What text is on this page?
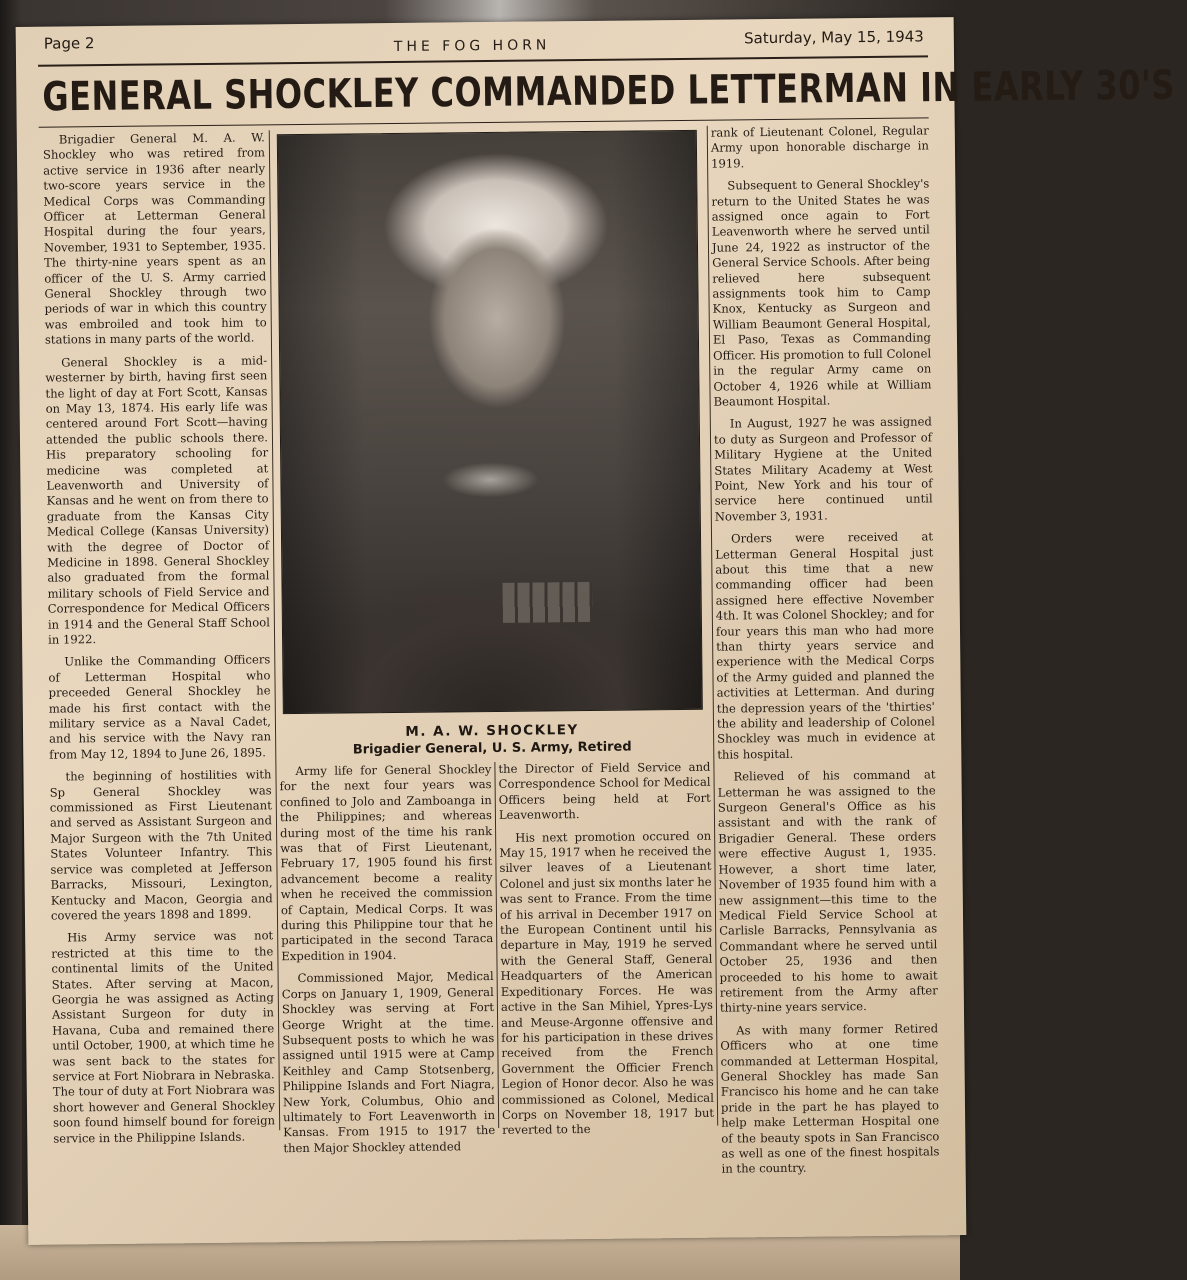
Page 2	THE FOG HORN	Saturday, May 15, 1943
GENERAL SHOCKLEY COMMANDED LETTERMAN IN EARLY 30'S

Brigadier General M. A. W. Shockley who was retired from active service in 1936 after nearly two-score years service in the Medical Corps was Commanding Officer at Letterman General Hospital during the four years, November, 1931 to September, 1935. The thirty-nine years spent as an officer of the U. S. Army carried General Shockley through two periods of war in which this country was embroiled and took him to stations in many parts of the world.

General Shockley is a mid-westerner by birth, having first seen the light of day at Fort Scott, Kansas on May 13, 1874. His early life was centered around Fort Scott—having attended the public schools there. His preparatory schooling for medicine was completed at Leavenworth and University of Kansas and he went on from there to graduate from the Kansas City Medical College (Kansas University) with the degree of Doctor of Medicine in 1898. General Shockley also graduated from the formal military schools of Field Service and Correspondence for Medical Officers in 1914 and the General Staff School in 1922.

Unlike the Commanding Officers of Letterman Hospital who preceeded General Shockley he made his first contact with the military service as a Naval Cadet, and his service with the Navy ran from May 12, 1894 to June 26, 1895.

the beginning of hostilities with Sp General Shockley was commissioned as First Lieutenant and served as Assistant Surgeon and Major Surgeon with the 7th United States Volunteer Infantry. This service was completed at Jefferson Barracks, Missouri, Lexington, Kentucky and Macon, Georgia and covered the years 1898 and 1899.

His Army service was not restricted at this time to the continental limits of the United States. After serving at Macon, Georgia he was assigned as Acting Assistant Surgeon for duty in Havana, Cuba and remained there until October, 1900, at which time he was sent back to the states for service at Fort Niobrara in Nebraska. The tour of duty at Fort Niobrara was short however and General Shockley soon found himself bound for foreign service in the Philippine Islands.

M. A. W. SHOCKLEY
Brigadier General, U. S. Army, Retired

Army life for General Shockley for the next four years was confined to Jolo and Zamboanga in the Philippines; and whereas during most of the time his rank was that of First Lieutenant, February 17, 1905 found his first advancement become a reality when he received the commission of Captain, Medical Corps. It was during this Philippine tour that he participated in the second Taraca Expedition in 1904.

Commissioned Major, Medical Corps on January 1, 1909, General Shockley was serving at Fort George Wright at the time. Subsequent posts to which he was assigned until 1915 were at Camp Keithley and Camp Stotsenberg, Philippine Islands and Fort Niagra, New York, Columbus, Ohio and ultimately to Fort Leavenworth in Kansas. From 1915 to 1917 the then Major Shockley attended

the Director of Field Service and Correspondence School for Medical Officers being held at Fort Leavenworth.

His next promotion occured on May 15, 1917 when he received the silver leaves of a Lieutenant Colonel and just six months later he was sent to France. From the time of his arrival in December 1917 on the European Continent until his departure in May, 1919 he served with the General Staff, General Headquarters of the American Expeditionary Forces. He was active in the San Mihiel, Ypres-Lys and Meuse-Argonne offensive and for his participation in these drives received from the French Government the Officier French Legion of Honor decor. Also he was commissioned as Colonel, Medical Corps on November 18, 1917 but reverted to the

rank of Lieutenant Colonel, Regular Army upon honorable discharge in 1919.

Subsequent to General Shockley's return to the United States he was assigned once again to Fort Leavenworth where he served until June 24, 1922 as instructor of the General Service Schools. After being relieved here subsequent assignments took him to Camp Knox, Kentucky as Surgeon and William Beaumont General Hospital, El Paso, Texas as Commanding Officer. His promotion to full Colonel in the regular Army came on October 4, 1926 while at William Beaumont Hospital.

In August, 1927 he was assigned to duty as Surgeon and Professor of Military Hygiene at the United States Military Academy at West Point, New York and his tour of service here continued until November 3, 1931.

Orders were received at Letterman General Hospital just about this time that a new commanding officer had been assigned here effective November 4th. It was Colonel Shockley; and for four years this man who had more than thirty years service and experience with the Medical Corps of the Army guided and planned the activities at Letterman. And during the depression years of the 'thirties' the ability and leadership of Colonel Shockley was much in evidence at this hospital.

Relieved of his command at Letterman he was assigned to the Surgeon General's Office as his assistant and with the rank of Brigadier General. These orders were effective August 1, 1935. However, a short time later, November of 1935 found him with a new assignment—this time to the Medical Field Service School at Carlisle Barracks, Pennsylvania as Commandant where he served until October 25, 1936 and then proceeded to his home to await retirement from the Army after thirty-nine years service.

As with many former Retired Officers who at one time commanded at Letterman Hospital, General Shockley has made San Francisco his home and he can take pride in the part he has played to help make Letterman Hospital one of the beauty spots in San Francisco as well as one of the finest hospitals in the country.
